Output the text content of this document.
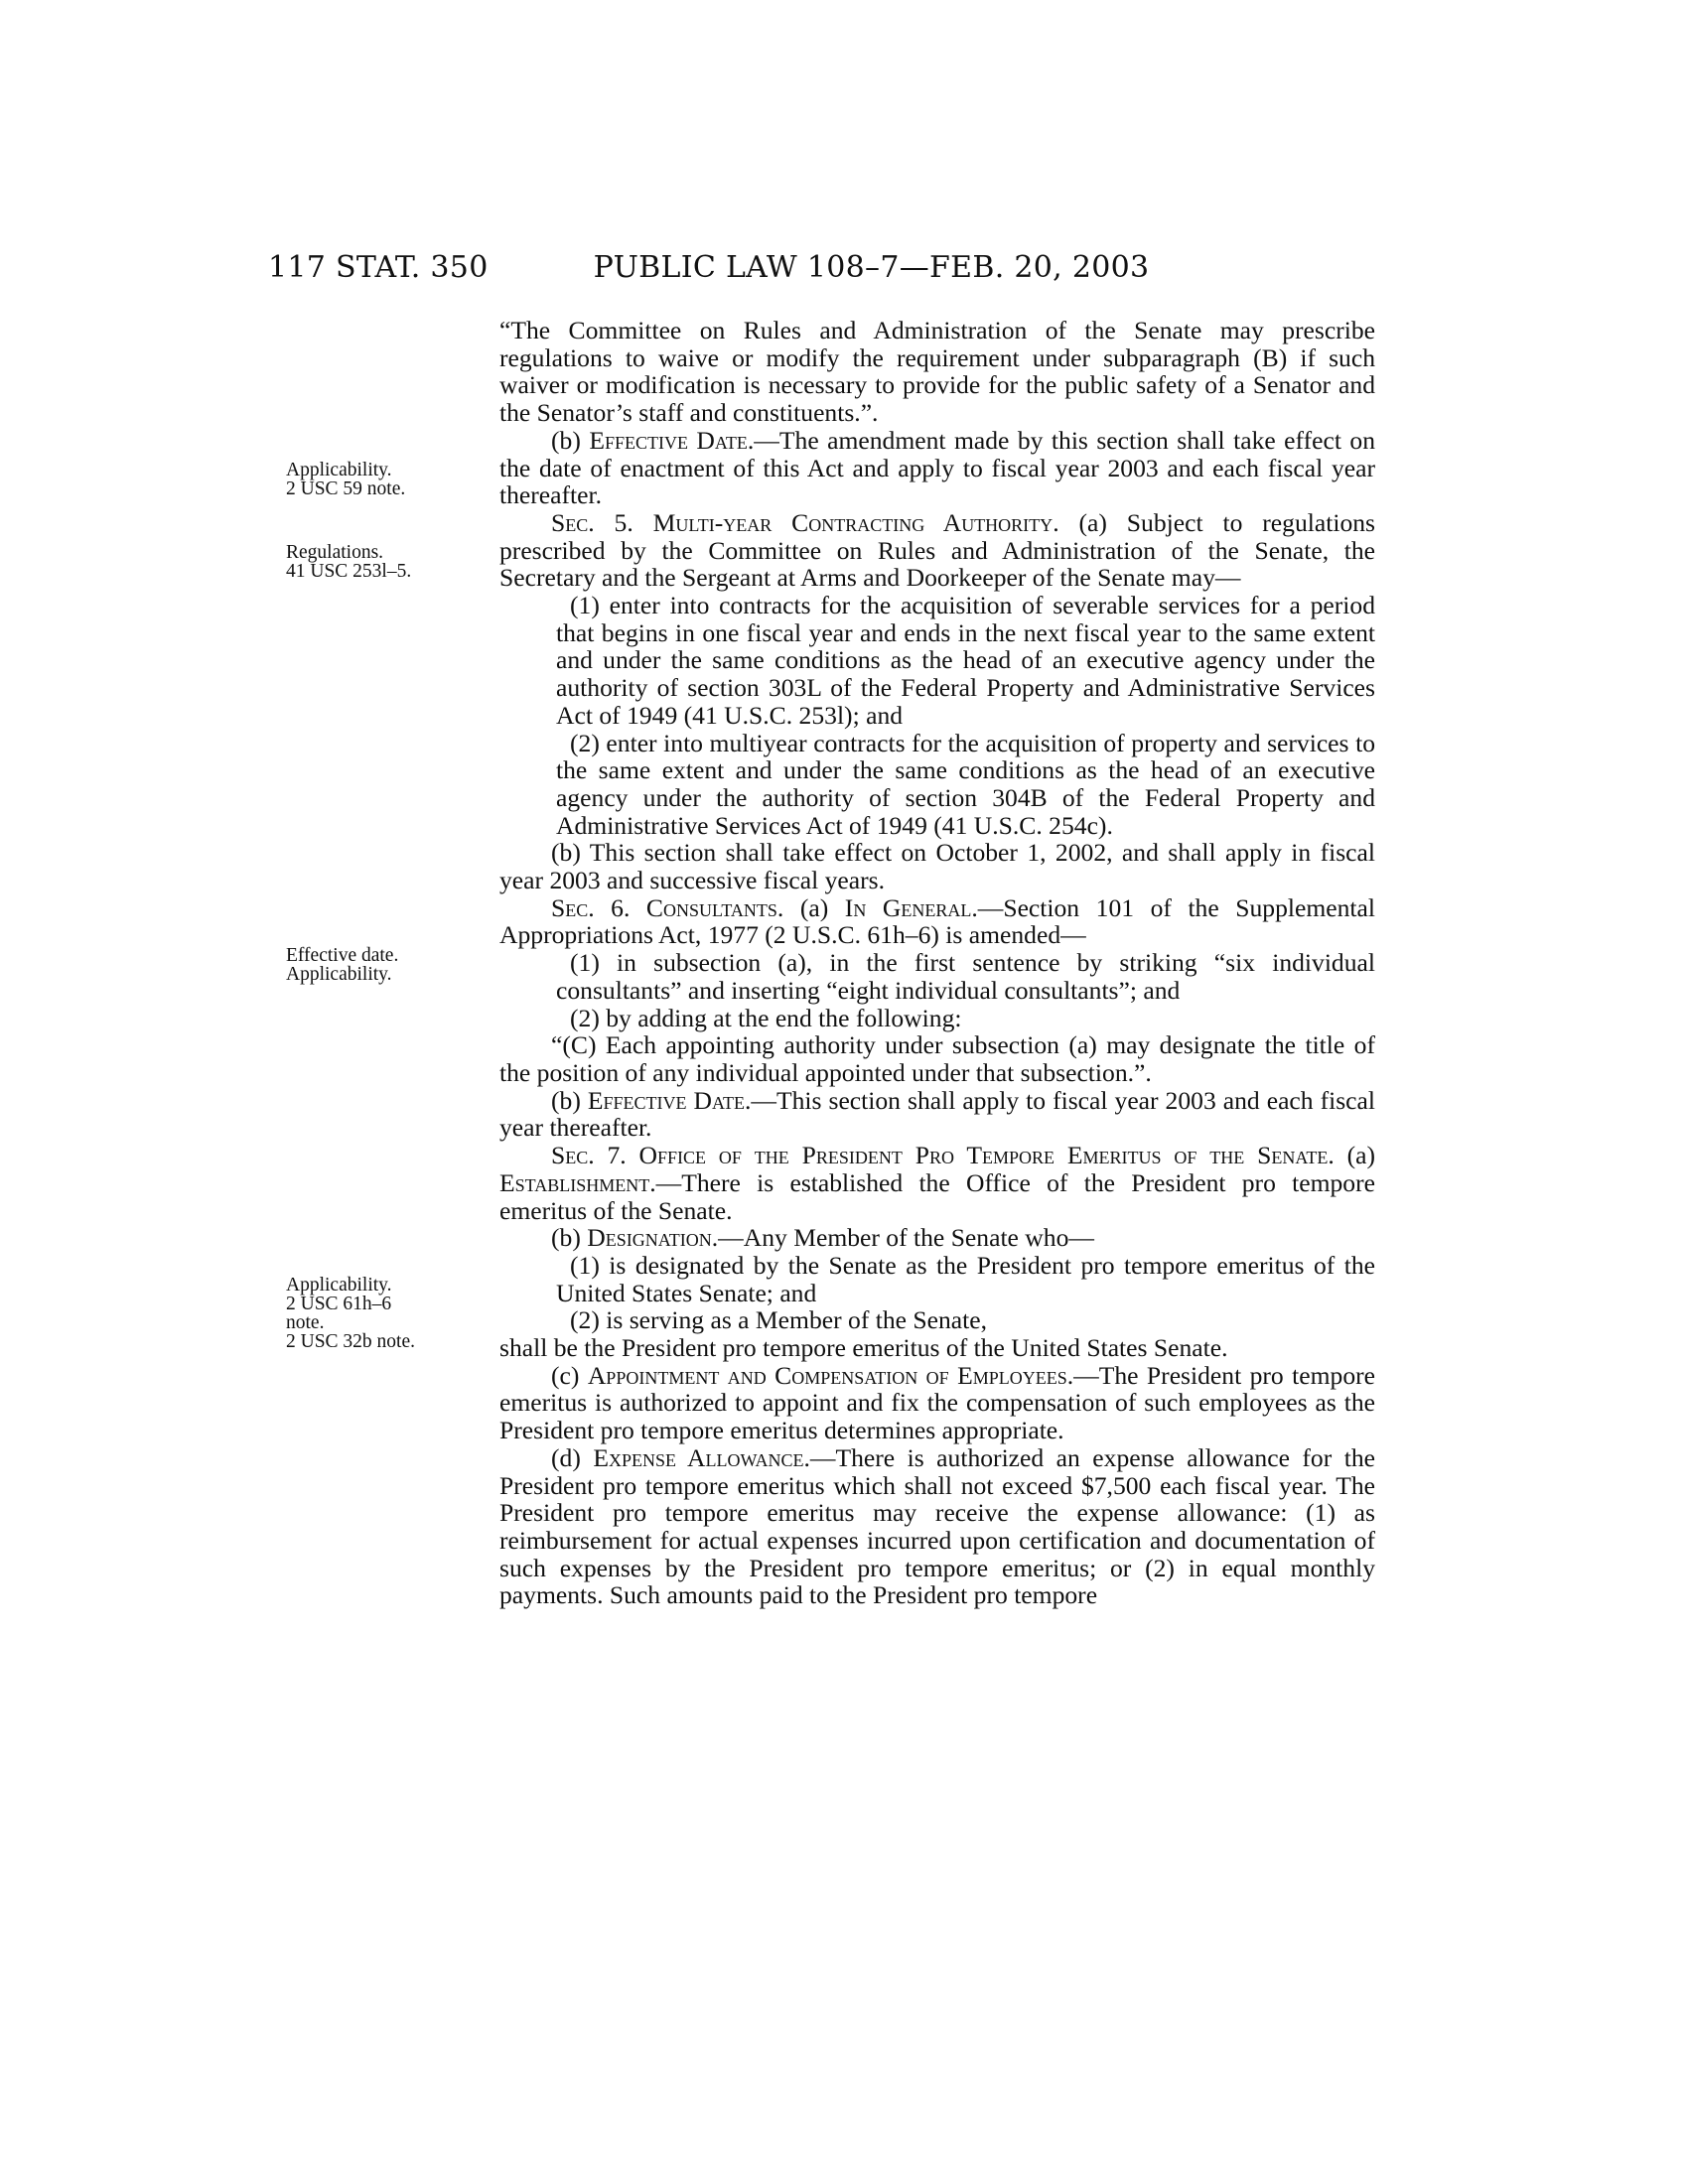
117 STAT. 350	PUBLIC LAW 108–7—FEB. 20, 2003
Applicability.
2 USC 59 note.
Regulations.
41 USC 253l–5.
Effective date.
Applicability.
Applicability.
2 USC 61h–6
note.
2 USC 32b note.

“The Committee on Rules and Administration of the Senate may prescribe regulations to waive or modify the requirement under subparagraph (B) if such waiver or modification is necessary to provide for the public safety of a Senator and the Senator’s staff and constituents.”.

(b) Effective Date.—The amendment made by this section shall take effect on the date of enactment of this Act and apply to fiscal year 2003 and each fiscal year thereafter.

Sec. 5. Multi-year Contracting Authority. (a) Subject to regulations prescribed by the Committee on Rules and Administration of the Senate, the Secretary and the Sergeant at Arms and Doorkeeper of the Senate may—

(1) enter into contracts for the acquisition of severable services for a period that begins in one fiscal year and ends in the next fiscal year to the same extent and under the same conditions as the head of an executive agency under the authority of section 303L of the Federal Property and Administrative Services Act of 1949 (41 U.S.C. 253l); and

(2) enter into multiyear contracts for the acquisition of property and services to the same extent and under the same conditions as the head of an executive agency under the authority of section 304B of the Federal Property and Administrative Services Act of 1949 (41 U.S.C. 254c).

(b) This section shall take effect on October 1, 2002, and shall apply in fiscal year 2003 and successive fiscal years.

Sec. 6. Consultants. (a) In General.—Section 101 of the Supplemental Appropriations Act, 1977 (2 U.S.C. 61h–6) is amended—

(1) in subsection (a), in the first sentence by striking “six individual consultants” and inserting “eight individual consultants”; and

(2) by adding at the end the following:

“(C) Each appointing authority under subsection (a) may designate the title of the position of any individual appointed under that subsection.”.

(b) Effective Date.—This section shall apply to fiscal year 2003 and each fiscal year thereafter.

Sec. 7. Office of the President Pro Tempore Emeritus of the Senate. (a) Establishment.—There is established the Office of the President pro tempore emeritus of the Senate.

(b) Designation.—Any Member of the Senate who—

(1) is designated by the Senate as the President pro tempore emeritus of the United States Senate; and

(2) is serving as a Member of the Senate,

shall be the President pro tempore emeritus of the United States Senate.

(c) Appointment and Compensation of Employees.—The President pro tempore emeritus is authorized to appoint and fix the compensation of such employees as the President pro tempore emeritus determines appropriate.

(d) Expense Allowance.—There is authorized an expense allowance for the President pro tempore emeritus which shall not exceed $7,500 each fiscal year. The President pro tempore emeritus may receive the expense allowance: (1) as reimbursement for actual expenses incurred upon certification and documentation of such expenses by the President pro tempore emeritus; or (2) in equal monthly payments. Such amounts paid to the President pro tempore
